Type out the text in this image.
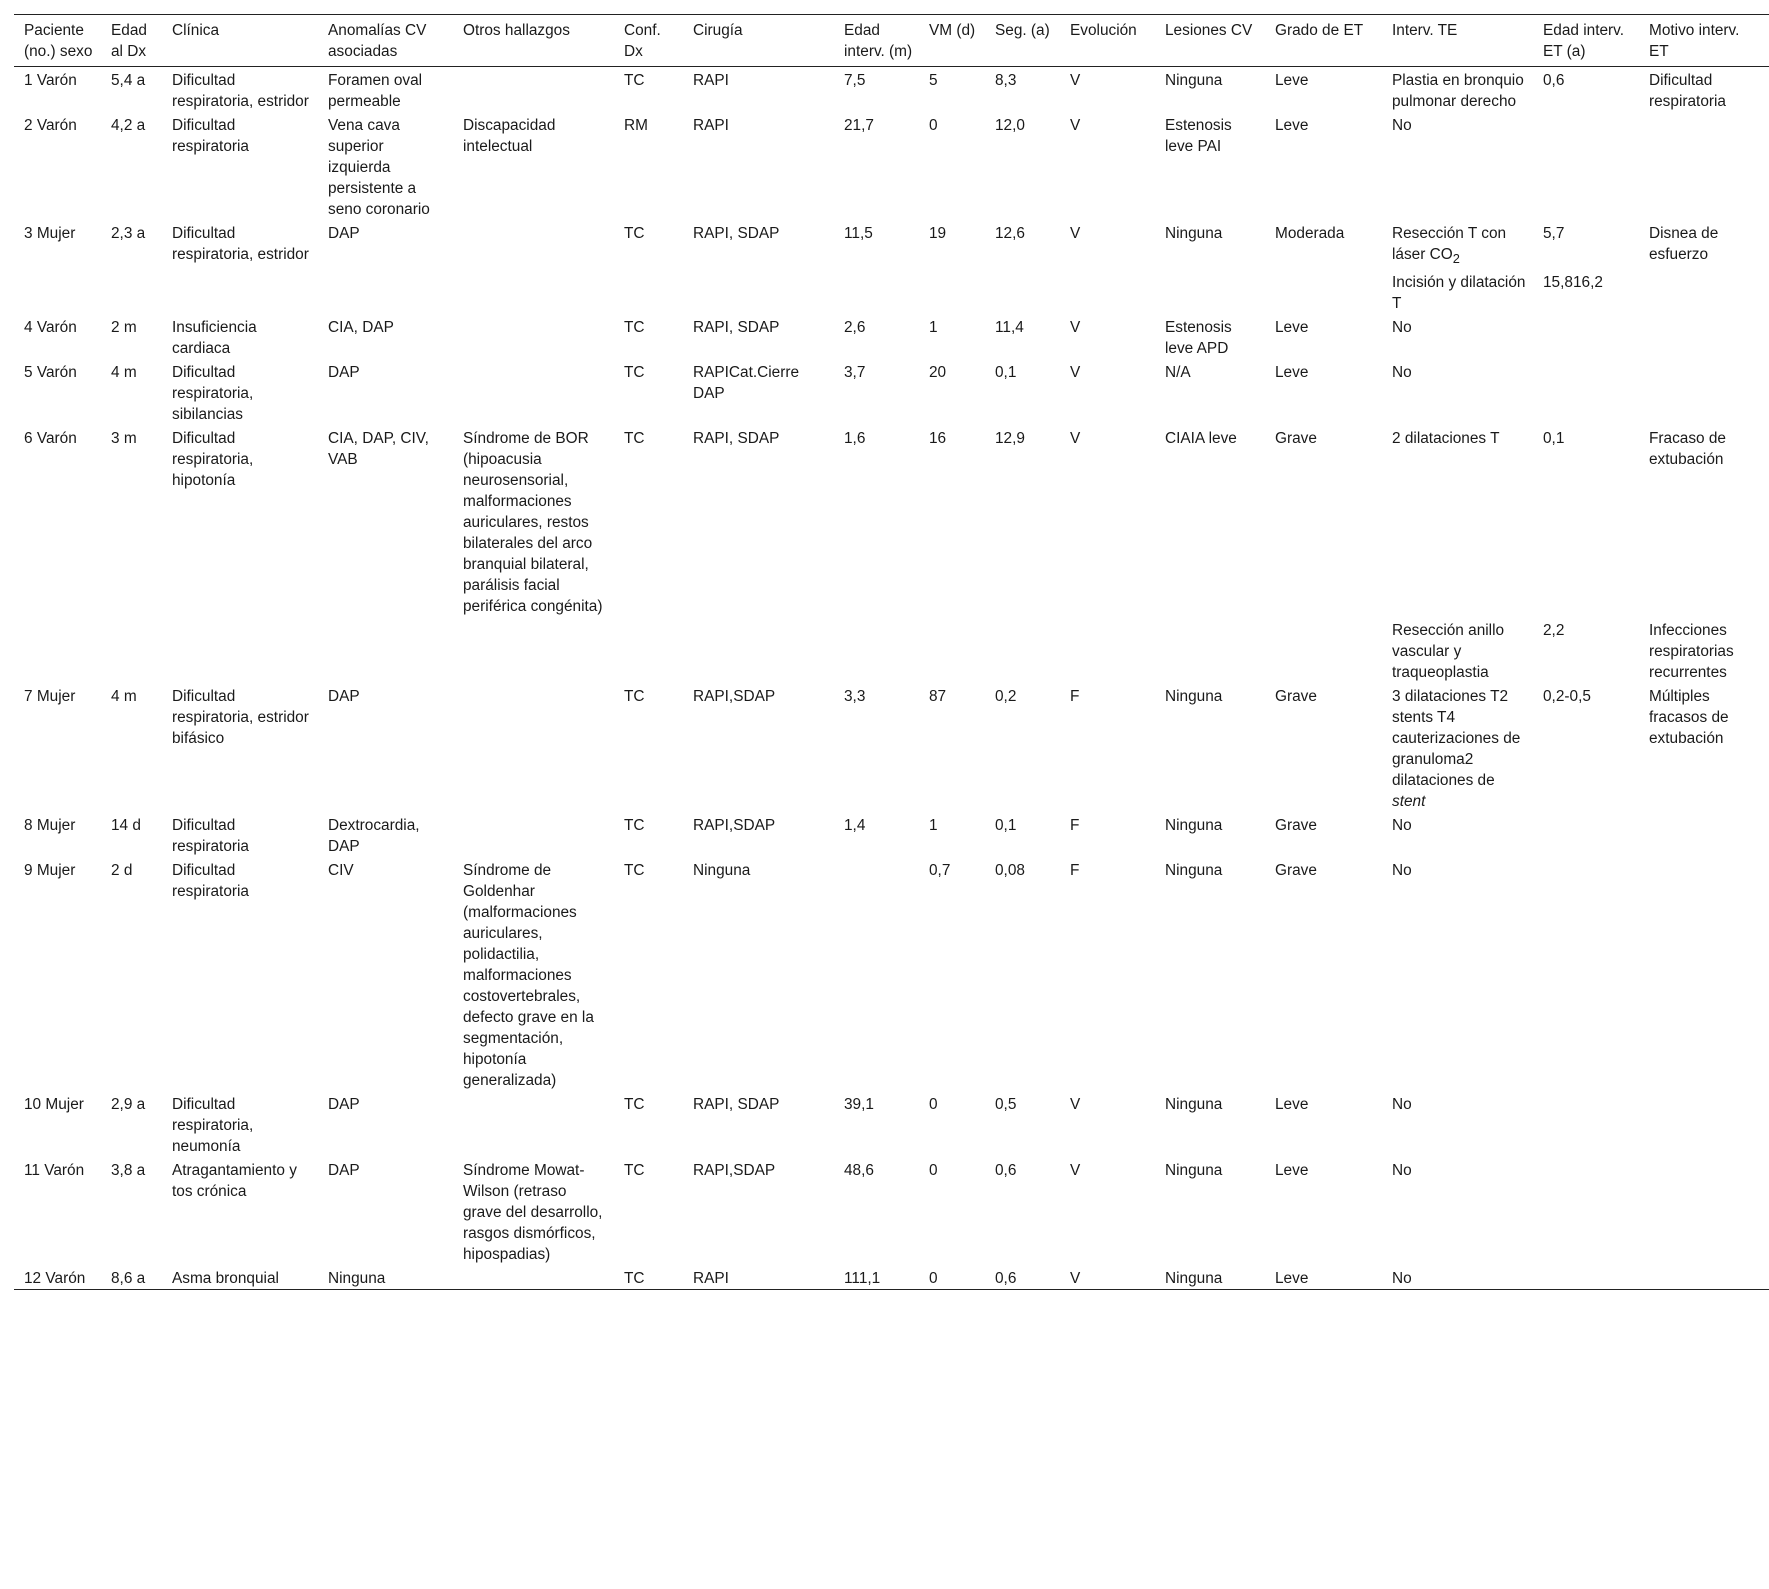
Paciente (no.) sexo	Edad al Dx	Clínica	Anomalías CV asociadas	Otros hallazgos	Conf. Dx	Cirugía	Edad interv. (m)	VM (d)	Seg. (a)	Evolución	Lesiones CV	Grado de ET	Interv. TE	Edad interv. ET (a)	Motivo interv. ET
1 Varón	5,4 a	Dificultad respiratoria, estridor	Foramen oval permeable		TC	RAPI	7,5	5	8,3	V	Ninguna	Leve	Plastia en bronquio pulmonar derecho	0,6	Dificultad respiratoria
2 Varón	4,2 a	Dificultad respiratoria	Vena cava superior izquierda persistente a seno coronario	Discapacidad intelectual	RM	RAPI	21,7	0	12,0	V	Estenosis leve PAI	Leve	No		
3 Mujer	2,3 a	Dificultad respiratoria, estridor	DAP		TC	RAPI, SDAP	11,5	19	12,6	V	Ninguna	Moderada	Resección T con láser $CO_2$	5,7	Disnea de esfuerzo
													Incisión y dilatación T	15,816,2	
4 Varón	2 m	Insuficiencia cardiaca	CIA, DAP		TC	RAPI, SDAP	2,6	1	11,4	V	Estenosis leve APD	Leve	No		
5 Varón	4 m	Dificultad respiratoria, sibilancias	DAP		TC	RAPICat.Cierre DAP	3,7	20	0,1	V	N/A	Leve	No		
6 Varón	3 m	Dificultad respiratoria, hipotonía	CIA, DAP, CIV, VAB	Síndrome de BOR (hipoacusia neurosensorial, malformaciones auriculares, restos bilaterales del arco branquial bilateral, parálisis facial periférica congénita)	TC	RAPI, SDAP	1,6	16	12,9	V	CIAIA leve	Grave	2 dilataciones T	0,1	Fracaso de extubación
													Resección anillo vascular y traqueoplastia	2,2	Infecciones respiratorias recurrentes
7 Mujer	4 m	Dificultad respiratoria, estridor bifásico	DAP		TC	RAPI,SDAP	3,3	87	0,2	F	Ninguna	Grave	3 dilataciones T2 stents T4 cauterizaciones de granuloma2 dilataciones de stent	0,2-0,5	Múltiples fracasos de extubación
8 Mujer	14 d	Dificultad respiratoria	Dextrocardia, DAP		TC	RAPI,SDAP	1,4	1	0,1	F	Ninguna	Grave	No		
9 Mujer	2 d	Dificultad respiratoria	CIV	Síndrome de Goldenhar (malformaciones auriculares, polidactilia, malformaciones costovertebrales, defecto grave en la segmentación, hipotonía generalizada)	TC	Ninguna		0,7	0,08	F	Ninguna	Grave	No		
10 Mujer	2,9 a	Dificultad respiratoria, neumonía	DAP		TC	RAPI, SDAP	39,1	0	0,5	V	Ninguna	Leve	No		
11 Varón	3,8 a	Atragantamiento y tos crónica	DAP	Síndrome Mowat-Wilson (retraso grave del desarrollo, rasgos dismórficos, hipospadias)	TC	RAPI,SDAP	48,6	0	0,6	V	Ninguna	Leve	No		
12 Varón	8,6 a	Asma bronquial	Ninguna		TC	RAPI	111,1	0	0,6	V	Ninguna	Leve	No		
